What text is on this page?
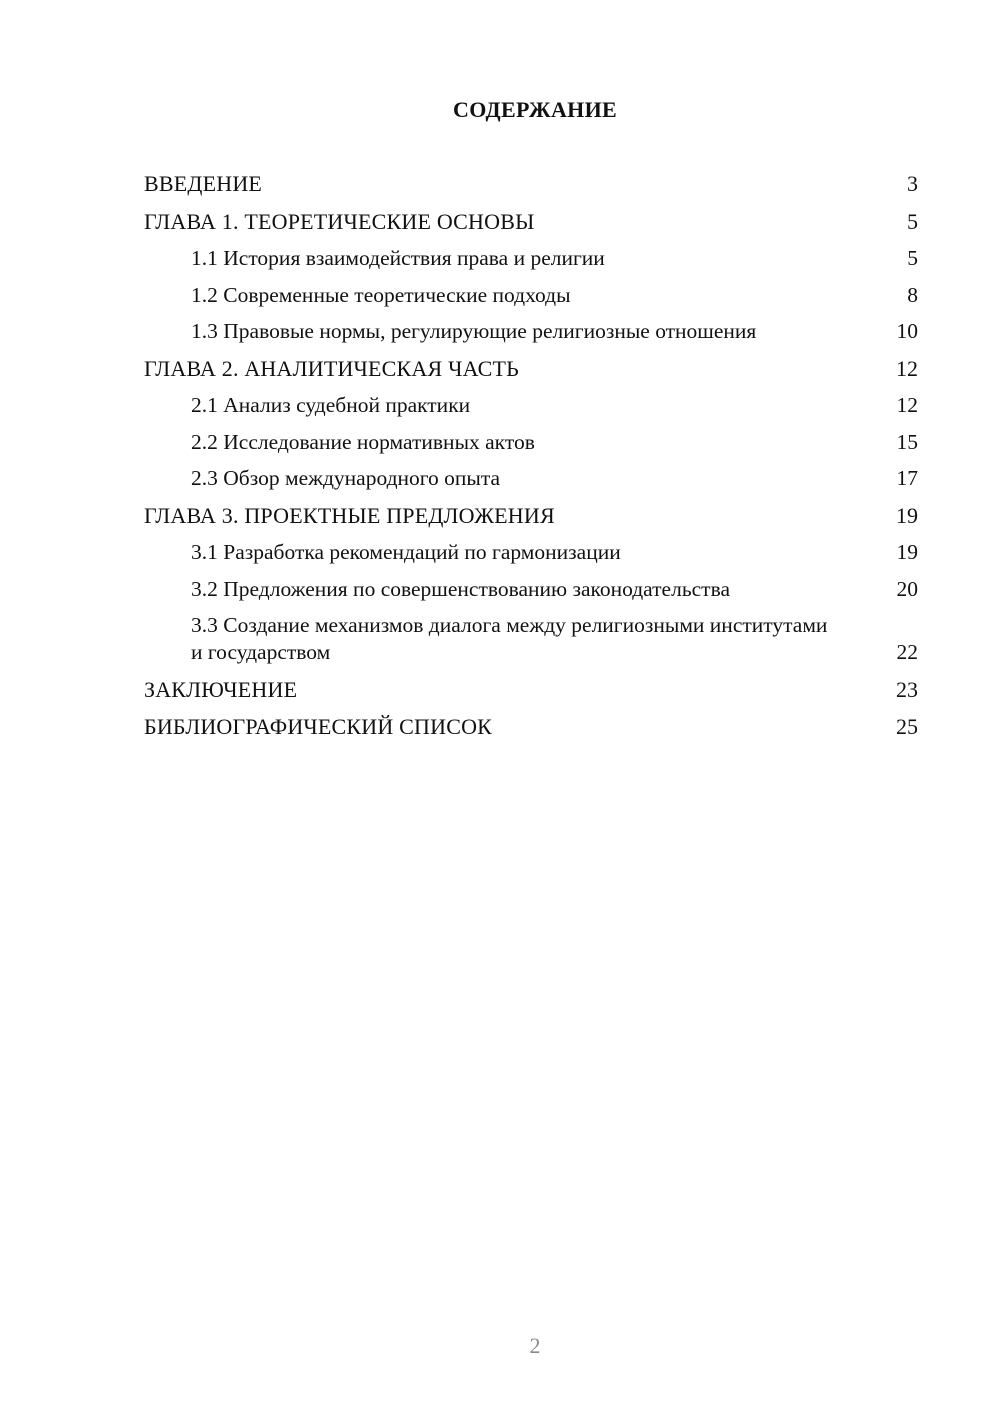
СОДЕРЖАНИЕ
ВВЕДЕНИЕ	3
ГЛАВА 1. ТЕОРЕТИЧЕСКИЕ ОСНОВЫ	5
1.1 История взаимодействия права и религии	5
1.2 Современные теоретические подходы	8
1.3 Правовые нормы, регулирующие религиозные отношения	10
ГЛАВА 2. АНАЛИТИЧЕСКАЯ ЧАСТЬ	12
2.1 Анализ судебной практики	12
2.2 Исследование нормативных актов	15
2.3 Обзор международного опыта	17
ГЛАВА 3. ПРОЕКТНЫЕ ПРЕДЛОЖЕНИЯ	19
3.1 Разработка рекомендаций по гармонизации	19
3.2 Предложения по совершенствованию законодательства	20
3.3 Создание механизмов диалога между религиозными институтами и государством	22
ЗАКЛЮЧЕНИЕ	23
БИБЛИОГРАФИЧЕСКИЙ СПИСОК	25
2
